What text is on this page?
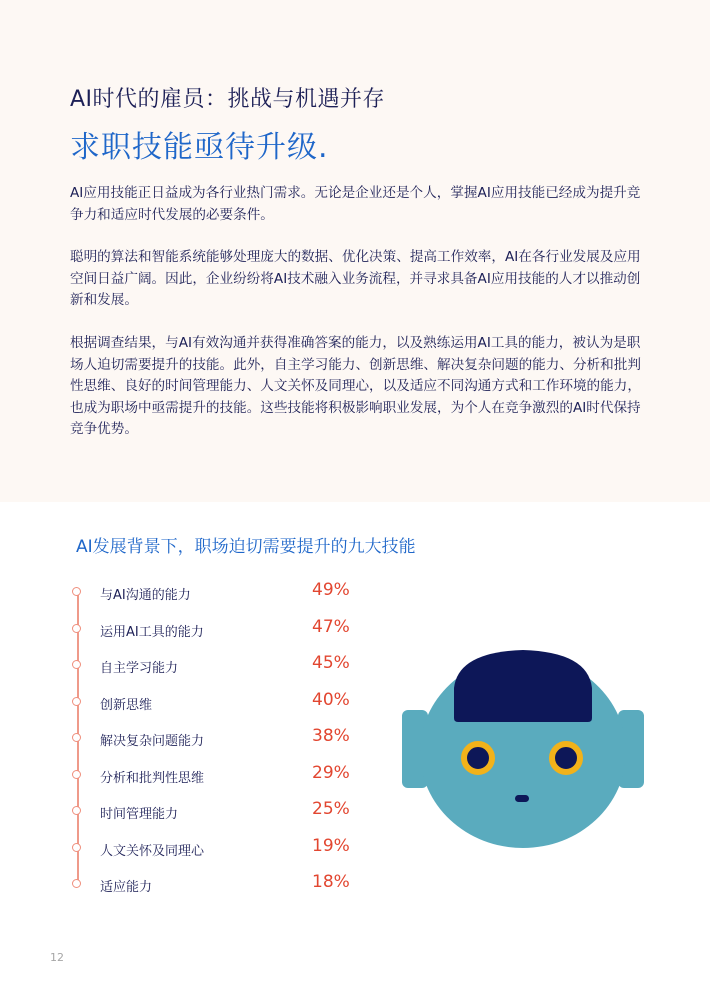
AI时代的雇员：挑战与机遇并存
求职技能亟待升级.

AI应用技能正日益成为各行业热门需求。无论是企业还是个人，掌握AI应用技能已经成为提升竞争力和适应时代发展的必要条件。

聪明的算法和智能系统能够处理庞大的数据、优化决策、提高工作效率，AI在各行业发展及应用空间日益广阔。因此，企业纷纷将AI技术融入业务流程，并寻求具备AI应用技能的人才以推动创新和发展。

根据调查结果，与AI有效沟通并获得准确答案的能力，以及熟练运用AI工具的能力，被认为是职场人迫切需要提升的技能。此外，自主学习能力、创新思维、解决复杂问题的能力、分析和批判性思维、良好的时间管理能力、人文关怀及同理心，以及适应不同沟通方式和工作环境的能力，也成为职场中亟需提升的技能。这些技能将积极影响职业发展，为个人在竞争激烈的AI时代保持竞争优势。

AI发展背景下，职场迫切需要提升的九大技能
与AI沟通的能力	49%
运用AI工具的能力	47%
自主学习能力	45%
创新思维	40%
解决复杂问题能力	38%
分析和批判性思维	29%
时间管理能力	25%
人文关怀及同理心	19%
适应能力	18%
12
